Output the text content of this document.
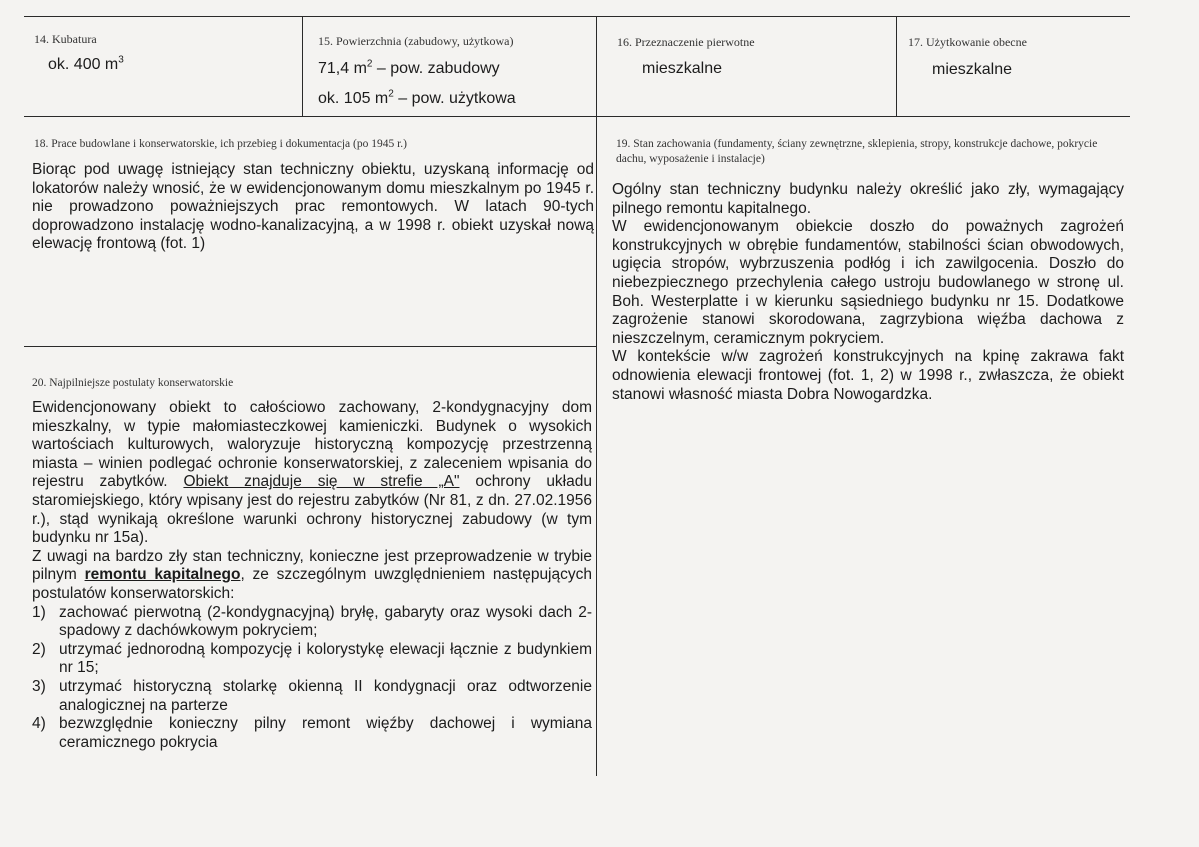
14. Kubatura
ok. 400 $m^3$
15. Powierzchnia (zabudowy, użytkowa)
71,4 $m^2$ – pow. zabudowy
ok. 105 $m^2$ – pow. użytkowa
16. Przeznaczenie pierwotne
mieszkalne
17. Użytkowanie obecne
mieszkalne
18. Prace budowlane i konserwatorskie, ich przebieg i dokumentacja (po 1945 r.)
Biorąc pod uwagę istniejący stan techniczny obiektu, uzyskaną informację od lokatorów należy wnosić, że w ewidencjonowanym domu mieszkalnym po 1945 r. nie prowadzono poważniejszych prac remontowych. W latach 90-tych doprowadzono instalację wodno-kanalizacyjną, a w 1998 r. obiekt uzyskał nową elewację frontową (fot. 1)
20. Najpilniejsze postulaty konserwatorskie

Ewidencjonowany obiekt to całościowo zachowany, 2-kondygnacyjny dom mieszkalny, w typie małomiasteczkowej kamieniczki. Budynek o wysokich wartościach kulturowych, waloryzuje historyczną kompozycję przestrzenną miasta – winien podlegać ochronie konserwatorskiej, z zaleceniem wpisania do rejestru zabytków. Obiekt znajduje się w strefie „A" ochrony układu staromiejskiego, który wpisany jest do rejestru zabytków (Nr 81, z dn. 27.02.1956 r.), stąd wynikają określone warunki ochrony historycznej zabudowy (w tym budynku nr 15a).

Z uwagi na bardzo zły stan techniczny, konieczne jest przeprowadzenie w trybie pilnym remontu kapitalnego, ze szczególnym uwzględnieniem następujących postulatów konserwatorskich:

1) zachować pierwotną (2-kondygnacyjną) bryłę, gabaryty oraz wysoki dach 2-spadowy z dachówkowym pokryciem;
2) utrzymać jednorodną kompozycję i kolorystykę elewacji łącznie z budynkiem nr 15;
3) utrzymać historyczną stolarkę okienną II kondygnacji oraz odtworzenie analogicznej na parterze
4) bezwzględnie konieczny pilny remont więźby dachowej i wymiana ceramicznego pokrycia
19. Stan zachowania (fundamenty, ściany zewnętrzne, sklepienia, stropy, konstrukcje dachowe, pokrycie dachu, wyposażenie i instalacje)

Ogólny stan techniczny budynku należy określić jako zły, wymagający pilnego remontu kapitalnego.

W ewidencjonowanym obiekcie doszło do poważnych zagrożeń konstrukcyjnych w obrębie fundamentów, stabilności ścian obwodowych, ugięcia stropów, wybrzuszenia podłóg i ich zawilgocenia. Doszło do niebezpiecznego przechylenia całego ustroju budowlanego w stronę ul. Boh. Westerplatte i w kierunku sąsiedniego budynku nr 15. Dodatkowe zagrożenie stanowi skorodowana, zagrzybiona więźba dachowa z nieszczelnym, ceramicznym pokryciem.

W kontekście w/w zagrożeń konstrukcyjnych na kpinę zakrawa fakt odnowienia elewacji frontowej (fot. 1, 2) w 1998 r., zwłaszcza, że obiekt stanowi własność miasta Dobra Nowogardzka.
